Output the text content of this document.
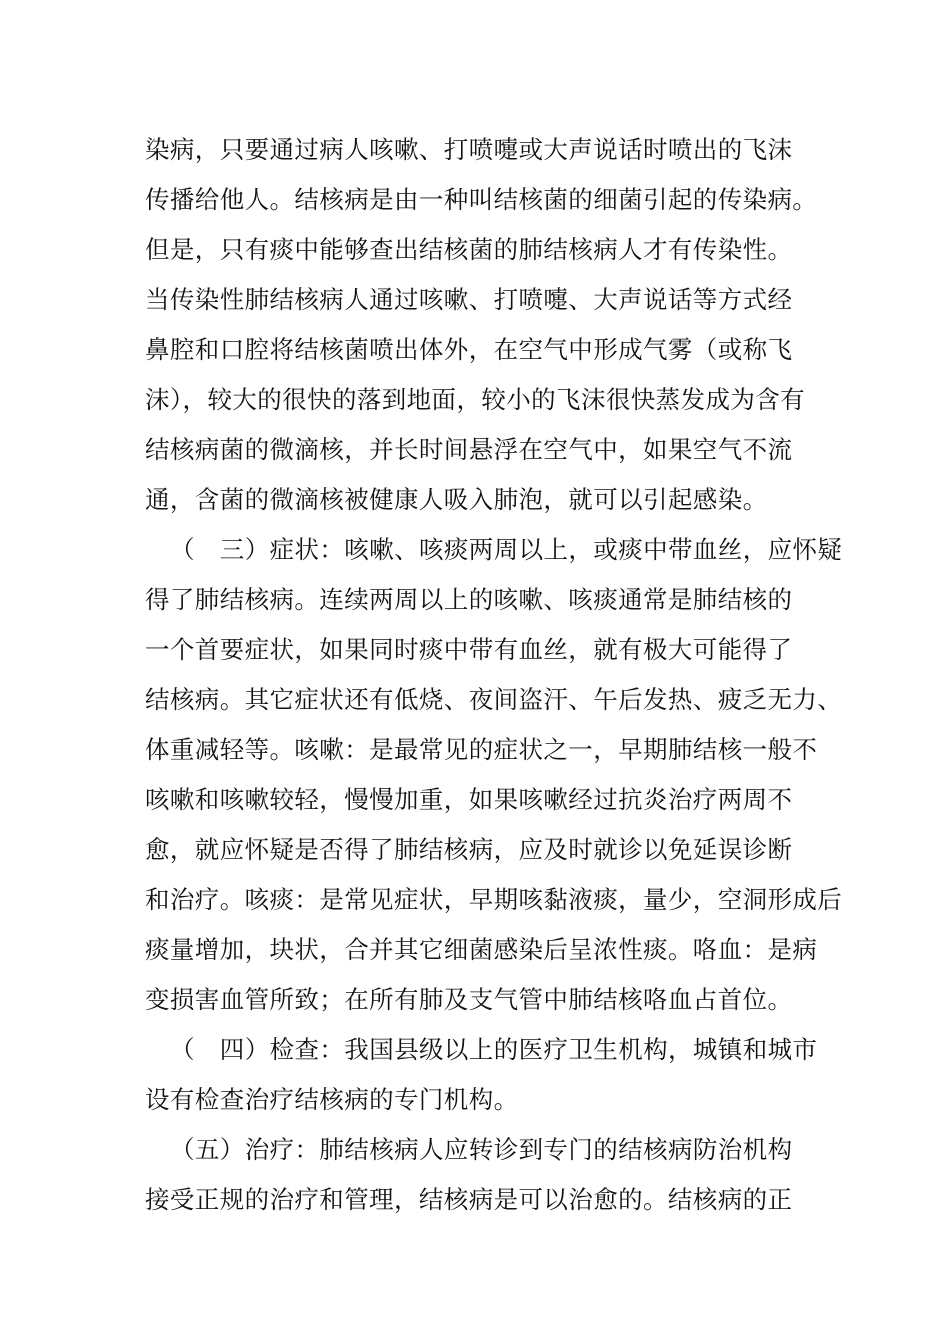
染病，只要通过病人咳嗽、打喷嚏或大声说话时喷出的飞沫
传播给他人。结核病是由一种叫结核菌的细菌引起的传染病。
但是，只有痰中能够查出结核菌的肺结核病人才有传染性。
当传染性肺结核病人通过咳嗽、打喷嚏、大声说话等方式经
鼻腔和口腔将结核菌喷出体外，在空气中形成气雾（或称飞
沫），较大的很快的落到地面，较小的飞沫很快蒸发成为含有
结核病菌的微滴核，并长时间悬浮在空气中，如果空气不流
通，含菌的微滴核被健康人吸入肺泡，就可以引起感染。
（　三）症状：咳嗽、咳痰两周以上，或痰中带血丝，应怀疑
得了肺结核病。连续两周以上的咳嗽、咳痰通常是肺结核的
一个首要症状，如果同时痰中带有血丝，就有极大可能得了
结核病。其它症状还有低烧、夜间盗汗、午后发热、疲乏无力、
体重减轻等。咳嗽：是最常见的症状之一，早期肺结核一般不
咳嗽和咳嗽较轻，慢慢加重，如果咳嗽经过抗炎治疗两周不
愈，就应怀疑是否得了肺结核病，应及时就诊以免延误诊断
和治疗。咳痰：是常见症状，早期咳黏液痰，量少，空洞形成后
痰量增加，块状，合并其它细菌感染后呈浓性痰。咯血：是病
变损害血管所致；在所有肺及支气管中肺结核咯血占首位。
（　四）检查：我国县级以上的医疗卫生机构，城镇和城市
设有检查治疗结核病的专门机构。
（五）治疗：肺结核病人应转诊到专门的结核病防治机构
接受正规的治疗和管理，结核病是可以治愈的。结核病的正
